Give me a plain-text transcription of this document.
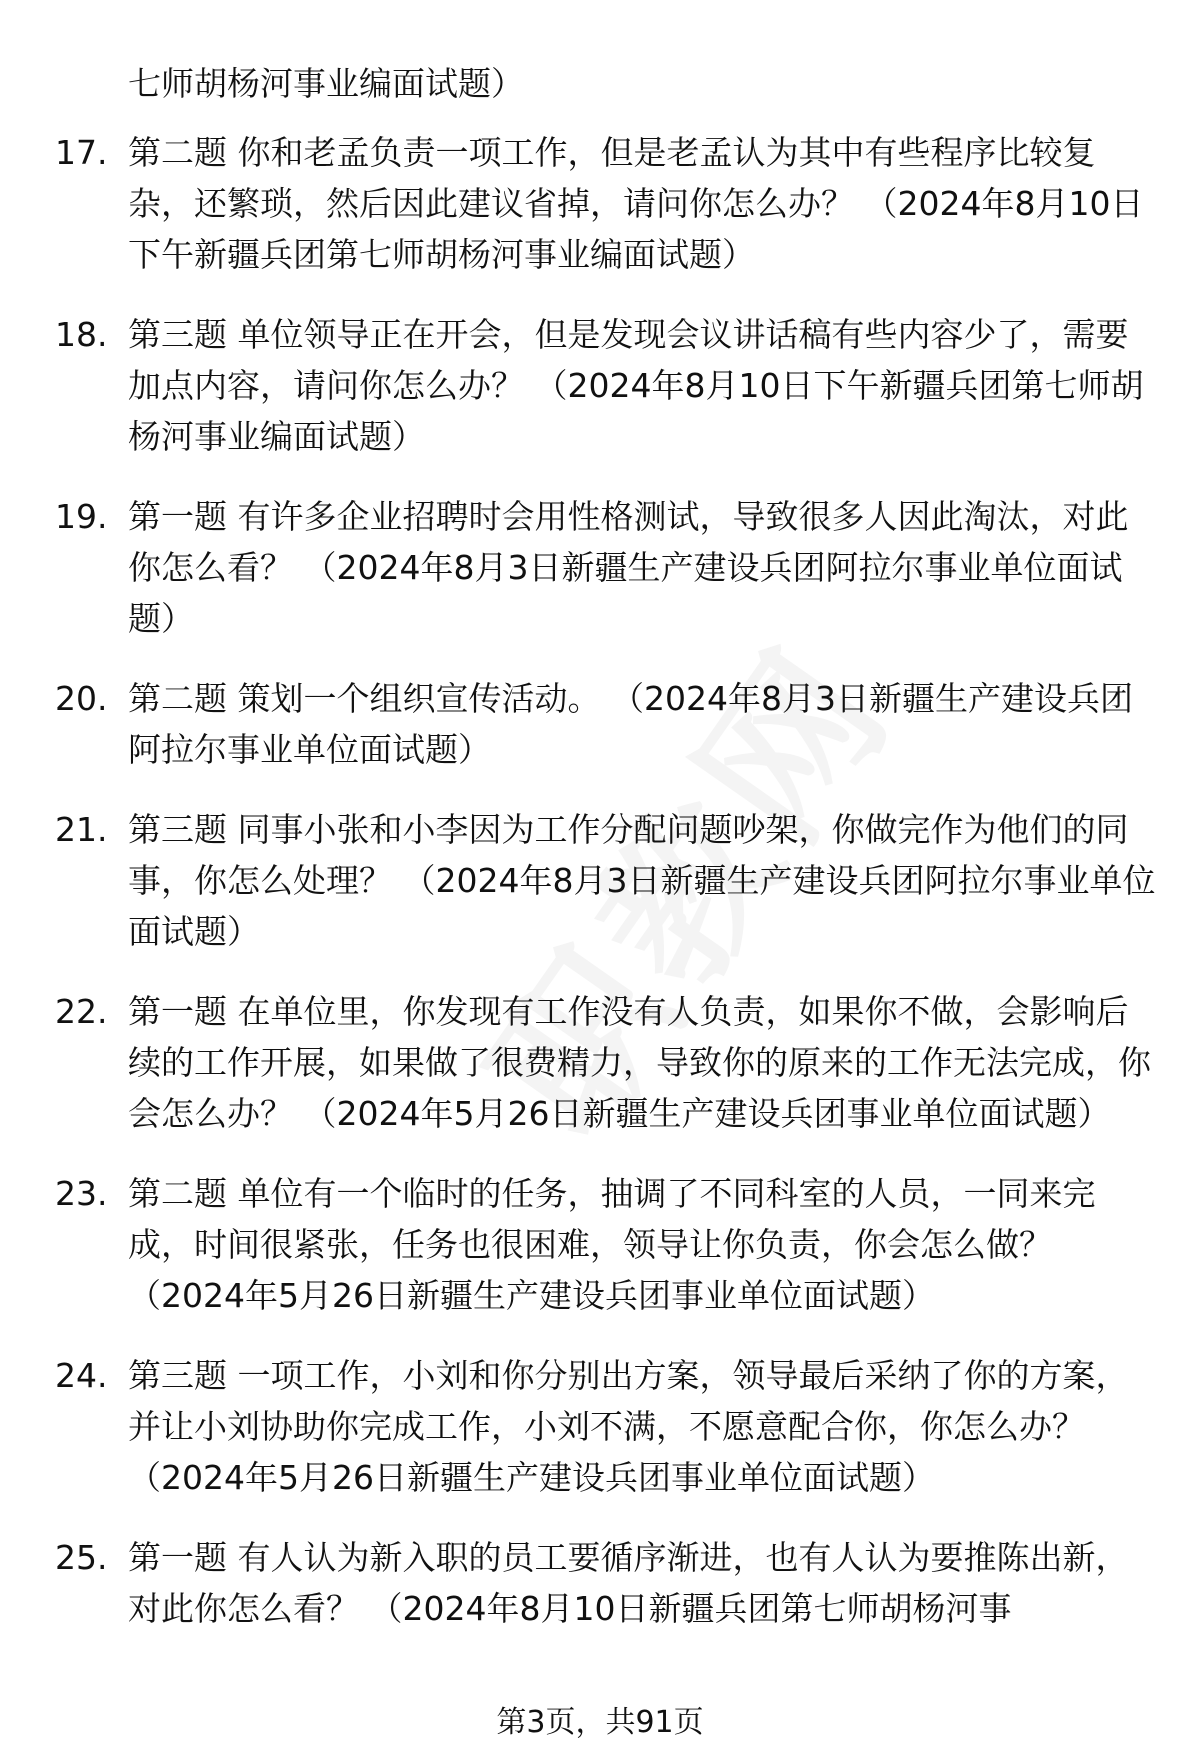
七师胡杨河事业编面试题）
17. 第二题 你和老孟负责一项工作，但是老孟认为其中有些程序比较复杂，还繁琐，然后因此建议省掉，请问你怎么办？ （2024年8月10日下午新疆兵团第七师胡杨河事业编面试题）
18. 第三题 单位领导正在开会，但是发现会议讲话稿有些内容少了，需要加点内容，请问你怎么办？ （2024年8月10日下午新疆兵团第七师胡杨河事业编面试题）
19. 第一题 有许多企业招聘时会用性格测试，导致很多人因此淘汰，对此你怎么看？ （2024年8月3日新疆生产建设兵团阿拉尔事业单位面试题）
20. 第二题 策划一个组织宣传活动。 （2024年8月3日新疆生产建设兵团阿拉尔事业单位面试题）
21. 第三题 同事小张和小李因为工作分配问题吵架，你做完作为他们的同事，你怎么处理？ （2024年8月3日新疆生产建设兵团阿拉尔事业单位面试题）
22. 第一题 在单位里，你发现有工作没有人负责，如果你不做，会影响后续的工作开展，如果做了很费精力，导致你的原来的工作无法完成，你会怎么办？ （2024年5月26日新疆生产建设兵团事业单位面试题）
23. 第二题 单位有一个临时的任务，抽调了不同科室的人员，一同来完成，时间很紧张，任务也很困难，领导让你负责，你会怎么做？ （2024年5月26日新疆生产建设兵团事业单位面试题）
24. 第三题 一项工作，小刘和你分别出方案，领导最后采纳了你的方案，并让小刘协助你完成工作，小刘不满，不愿意配合你，你怎么办？ （2024年5月26日新疆生产建设兵团事业单位面试题）
25. 第一题 有人认为新入职的员工要循序渐进，也有人认为要推陈出新，对此你怎么看？ （2024年8月10日新疆兵团第七师胡杨河事
第3页，共91页
